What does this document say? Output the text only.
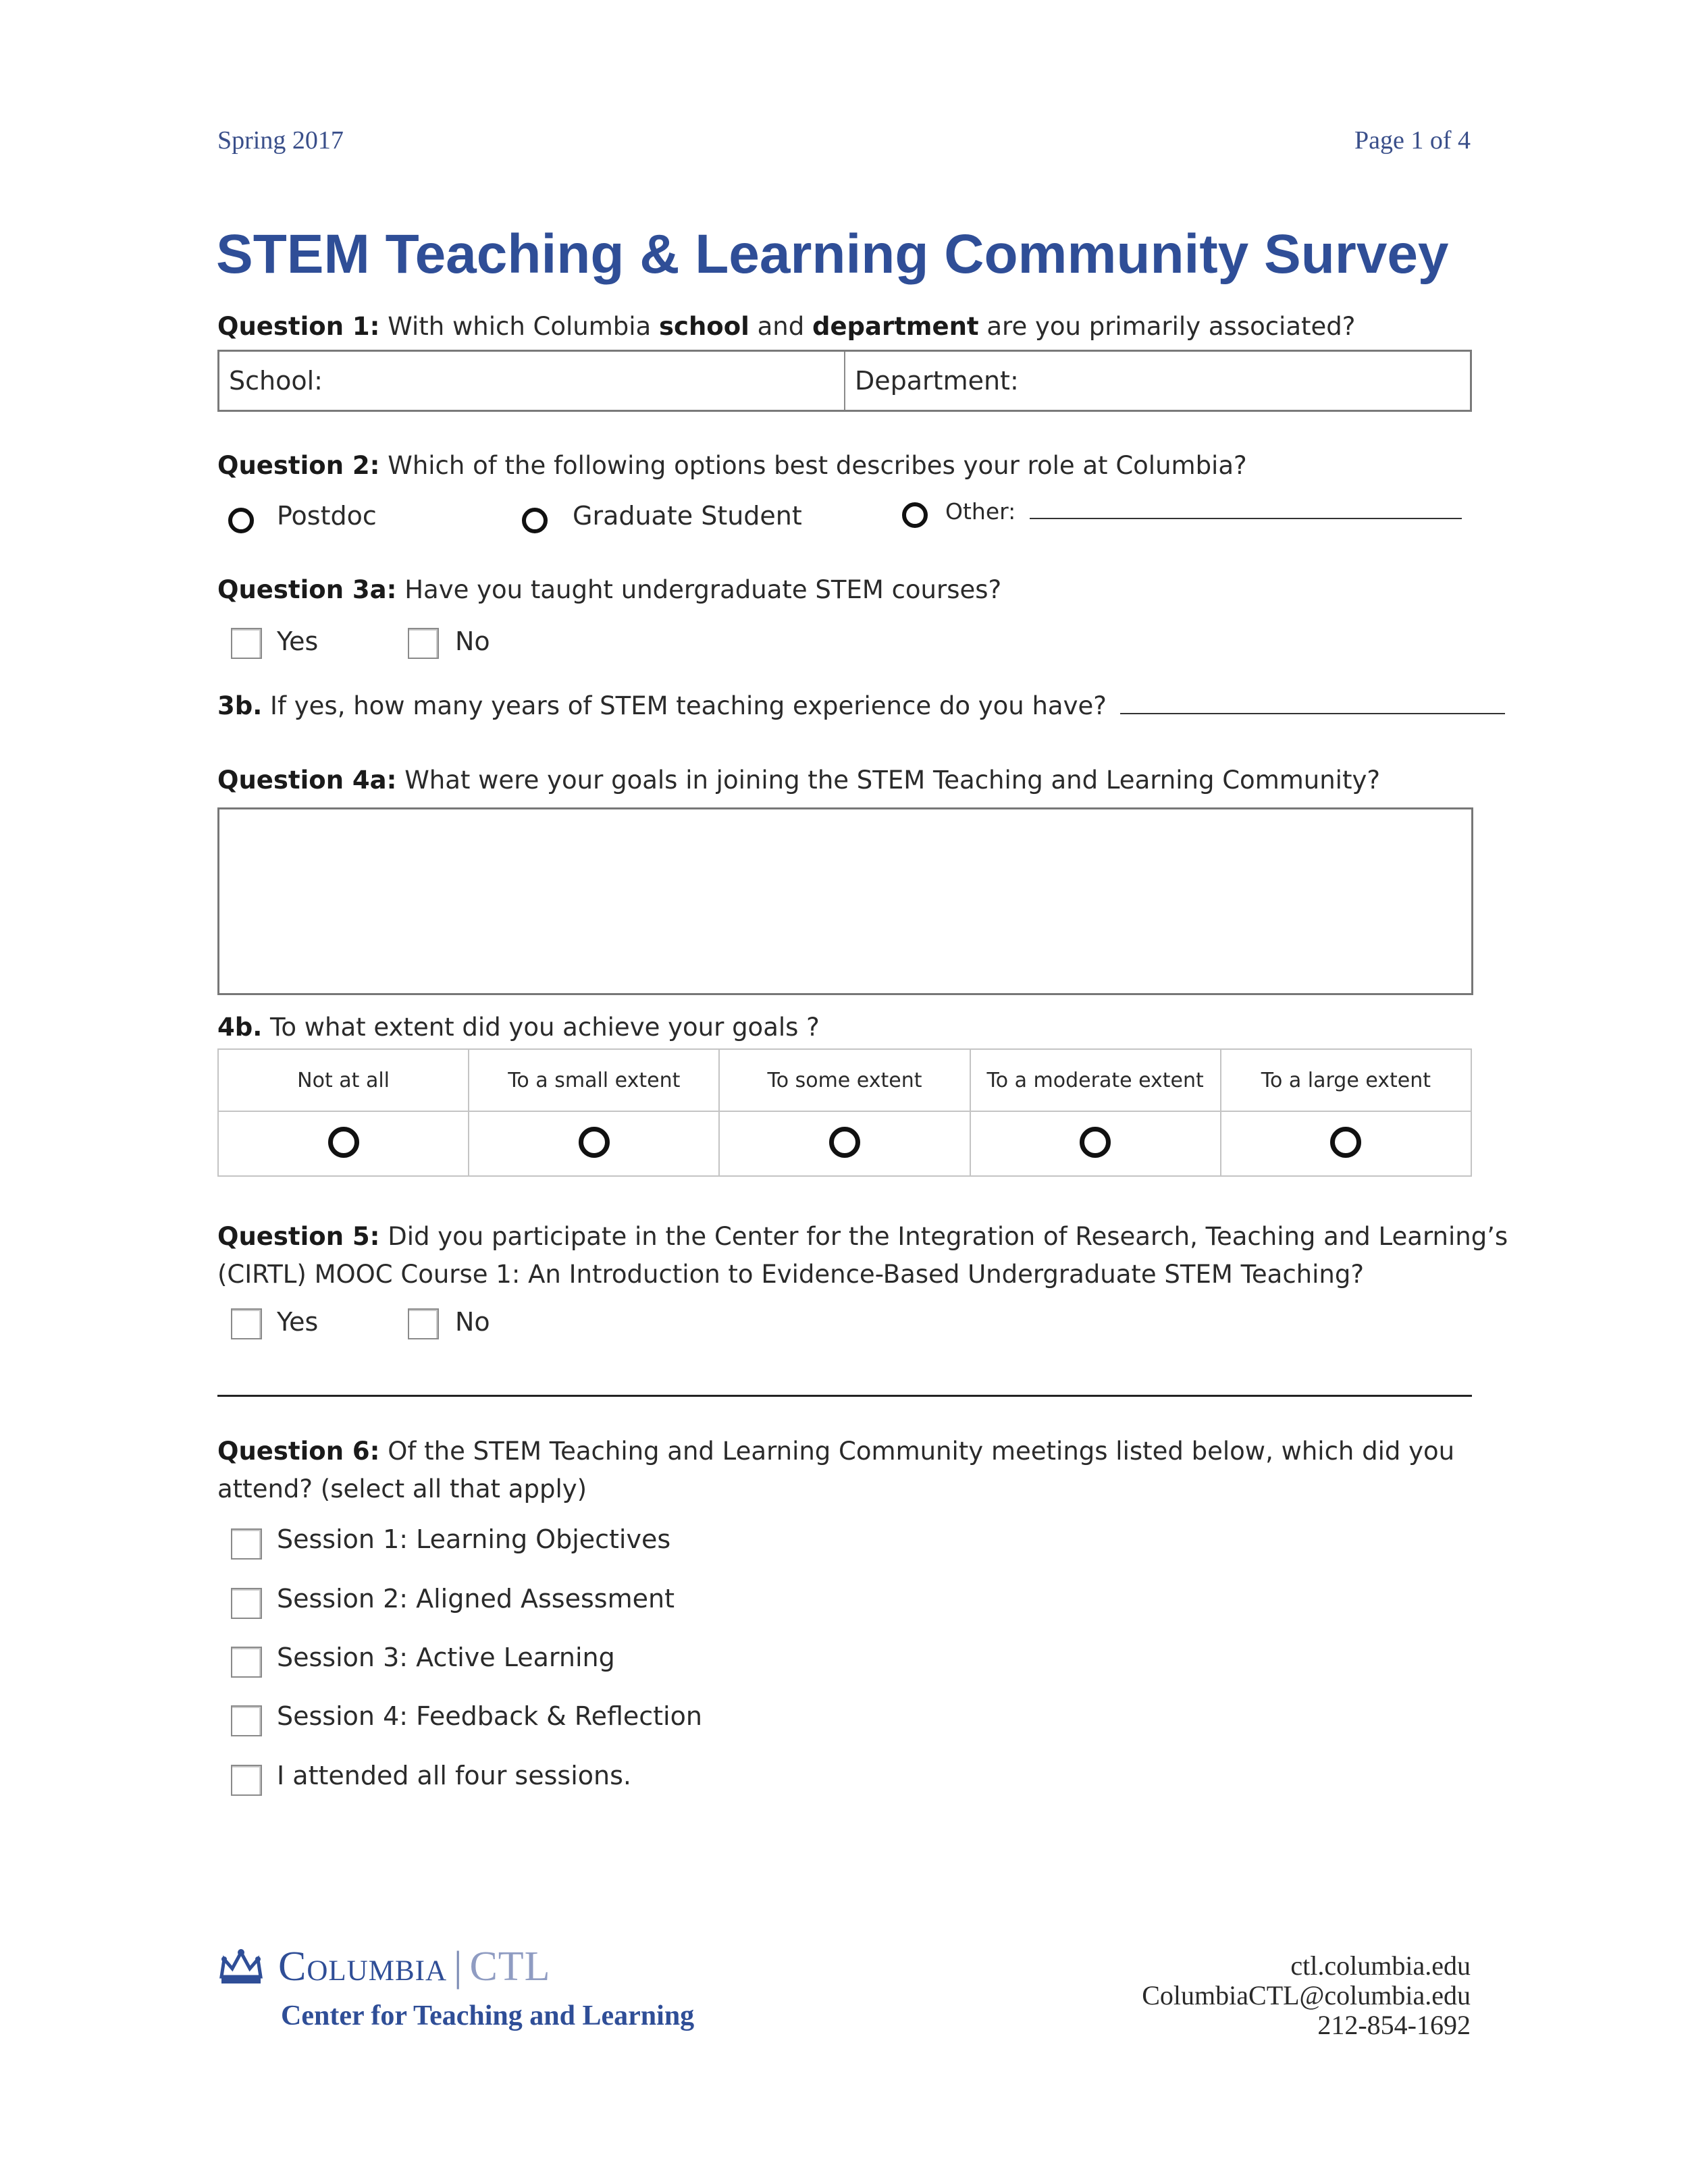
Spring 2017	Page 1 of 4
STEM Teaching & Learning Community Survey
Question 1: With which Columbia school and department are you primarily associated?
School:	Department:
Question 2: Which of the following options best describes your role at Columbia?
Postdoc	Graduate Student	Other:
Question 3a: Have you taught undergraduate STEM courses?
Yes	No
3b. If yes, how many years of STEM teaching experience do you have?
Question 4a: What were your goals in joining the STEM Teaching and Learning Community?
4b. To what extent did you achieve your goals ?
Not at all	To a small extent	To some extent	To a moderate extent	To a large extent

Question 5: Did you participate in the Center for the Integration of Research, Teaching and Learning’s
(CIRTL) MOOC Course 1: An Introduction to Evidence-Based Undergraduate STEM Teaching?
Yes	No
Question 6: Of the STEM Teaching and Learning Community meetings listed below, which did you
attend? (select all that apply)
Session 1: Learning Objectives
Session 2: Aligned Assessment
Session 3: Active Learning
Session 4: Feedback & Reflection
I attended all four sessions.
Columbia | CTL
Center for Teaching and Learning
ctl.columbia.edu
ColumbiaCTL@columbia.edu
212-854-1692
